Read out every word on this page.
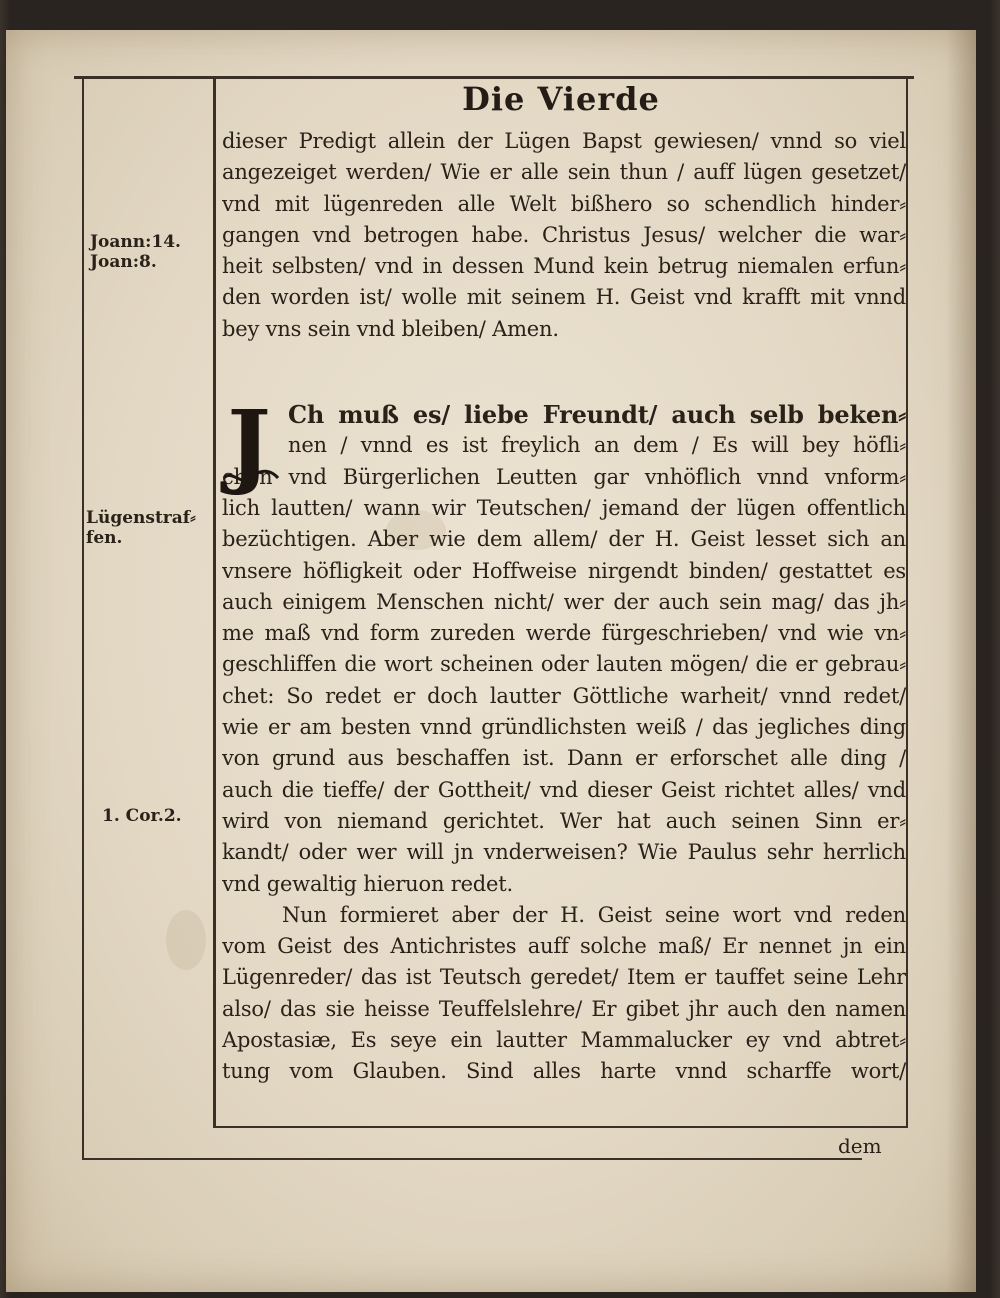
Die Vierde
Joann:14.
Joan:8.
Lügenstraf⸗
fen.
1. Cor.2.
dieser Predigt allein der Lügen Bapst gewiesen/ vnnd so viel
angezeiget werden/ Wie er alle sein thun / auff lügen gesetzet/
vnd mit lügenreden alle Welt bißhero so schendlich hinder⸗
gangen vnd betrogen habe. Christus Jesus/ welcher die war⸗
heit selbsten/ vnd in dessen Mund kein betrug niemalen erfun⸗
den worden ist/ wolle mit seinem H. Geist vnd krafft mit vnnd
bey vns sein vnd bleiben/ Amen.
J Ch muß es/ liebe Freundt/ auch selb beken⸗
nen / vnnd es ist freylich an dem / Es will bey höfli⸗
chen vnd Bürgerlichen Leutten gar vnhöflich vnnd vnform⸗
lich lautten/ wann wir Teutschen/ jemand der lügen offentlich
bezüchtigen. Aber wie dem allem/ der H. Geist lesset sich an
vnsere höfligkeit oder Hoffweise nirgendt binden/ gestattet es
auch einigem Menschen nicht/ wer der auch sein mag/ das jh⸗
me maß vnd form zureden werde fürgeschrieben/ vnd wie vn⸗
geschliffen die wort scheinen oder lauten mögen/ die er gebrau⸗
chet: So redet er doch lautter Göttliche warheit/ vnnd redet/
wie er am besten vnnd gründlichsten weiß / das jegliches ding
von grund aus beschaffen ist. Dann er erforschet alle ding /
auch die tieffe/ der Gottheit/ vnd dieser Geist richtet alles/ vnd
wird von niemand gerichtet. Wer hat auch seinen Sinn er⸗
kandt/ oder wer will jn vnderweisen? Wie Paulus sehr herrlich
vnd gewaltig hieruon redet.
Nun formieret aber der H. Geist seine wort vnd reden
vom Geist des Antichristes auff solche maß/ Er nennet jn ein
Lügenreder/ das ist Teutsch geredet/ Item er tauffet seine Lehr
also/ das sie heisse Teuffelslehre/ Er gibet jhr auch den namen
Apostasiæ, Es seye ein lautter Mammalucker ey vnd abtret⸗
tung vom Glauben. Sind alles harte vnnd scharffe wort/
dem
